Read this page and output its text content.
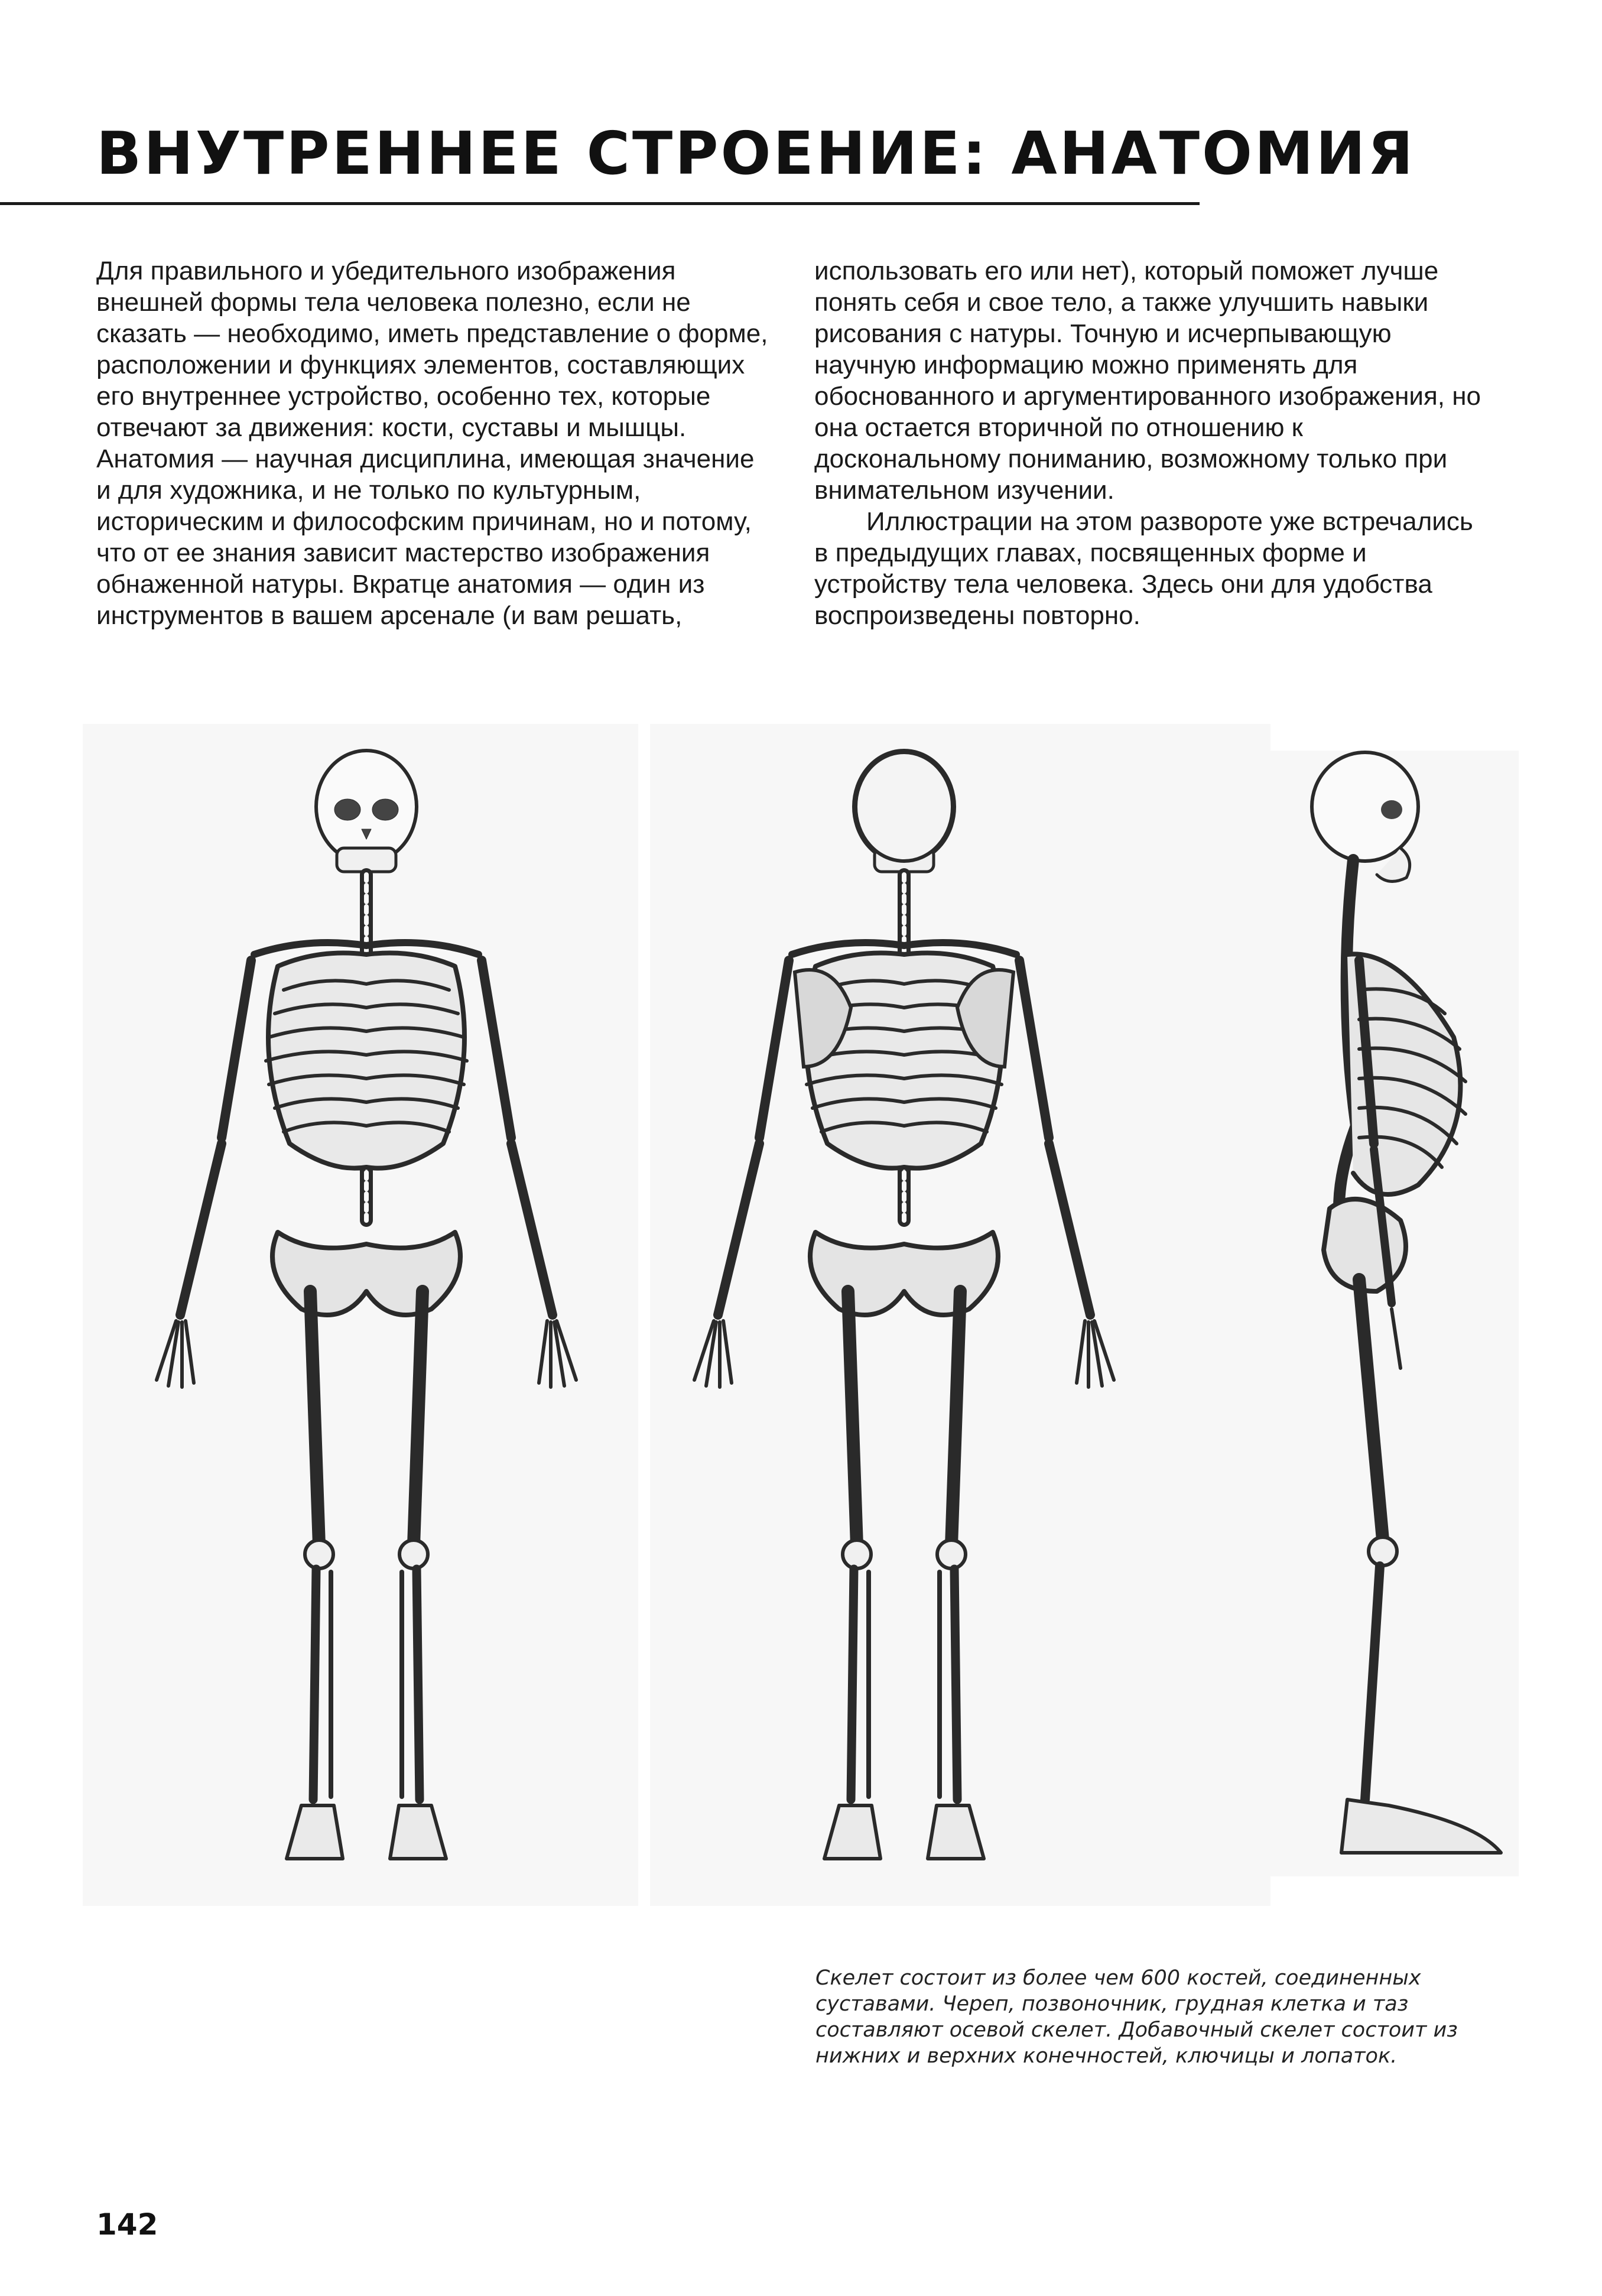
ВНУТРЕННЕЕ СТРОЕНИЕ: АНАТОМИЯ

Для правильного и убедительного изображения внешней формы тела человека полезно, если не сказать — необходимо, иметь представление о форме, расположении и функциях элементов, составляющих его внутреннее устройство, особенно тех, которые отвечают за движения: кости, суставы и мышцы. Анатомия — научная дисциплина, имеющая значение и для художника, и не только по культурным, историческим и философским причинам, но и потому, что от ее знания зависит мастерство изображения обнаженной натуры. Вкратце анатомия — один из инструментов в вашем арсенале (и вам решать,

использовать его или нет), который поможет лучше понять себя и свое тело, а также улучшить навыки рисования с натуры. Точную и исчерпывающую научную информацию можно применять для обоснованного и аргументированного изображения, но она остается вторичной по отношению к доскональному пониманию, возможному только при внимательном изучении.

Иллюстрации на этом развороте уже встречались в предыдущих главах, посвященных форме и устройству тела человека. Здесь они для удобства воспроизведены повторно.

Скелет состоит из более чем 600 костей, соединенных суставами. Череп, позвоночник, грудная клетка и таз составляют осевой скелет. Добавочный скелет состоит из нижних и верхних конечностей, ключицы и лопаток.
142
